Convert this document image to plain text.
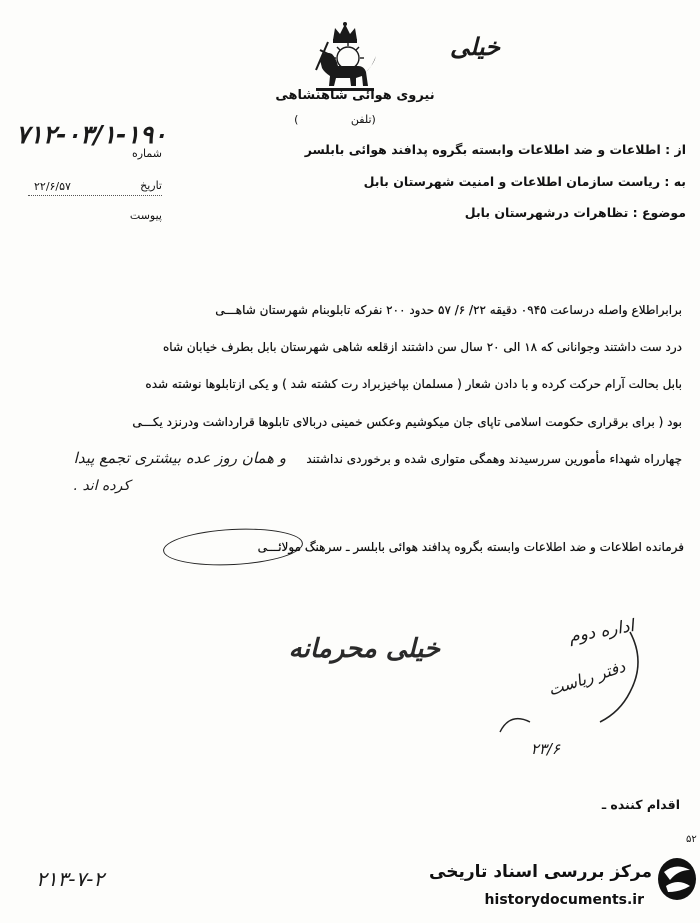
خیلی
نیروی هوائی شاهنشاهی
(تلفن               )
۷۱۲-۰۳/۱-۱۹۰
شماره
تاریخ
۲۲/۶/۵۷
پیوست
از : اطلاعات و ضد اطلاعات وابسته بگروه پدافند هوائی بابلسر
به : ریاست سازمان اطلاعات و امنیت شهرستان بابل
موضوع : تظاهرات درشهرستان بابل
برابراطلاع واصله درساعت ۰۹۴۵ دقیقه ۲۲/ ۶/ ۵۷ حدود ۲۰۰ نفرکه تابلوبنام شهرستان شاهـــی
درد ست داشتند وجوانانی که ۱۸ الی ۲۰ سال سن داشتند ازقلعه شاهی شهرستان بابل بطرف خیابان شاه
بابل بحالت آرام حرکت کرده و با دادن شعار ( مسلمان بپاخیزبراد رت کشته شد ) و یکی ازتابلوها نوشته شده
بود ( برای برقراری حکومت اسلامی تاپای جان میکوشیم وعکس خمینی دربالای تابلوها قرارداشت ودرنزد یکـــی
چهارراه شهداء مأمورین سررسیدند وهمگی متواری شده و برخوردی نداشتند
و همان روز عده بیشتری تجمع پیدا
کرده اند .
فرمانده اطلاعات و ضد اطلاعات وابسته بگروه پدافند هوائی بابلسر ـ سرهنگ مولائـــی
خیلی محرمانه
اداره دوم
دفتر ریاست
۲۳/۶
اقدام کننده ـ
۲۱۳-۷-۲
۵۲
مرکز بررسی اسناد تاریخی
historydocuments.ir
